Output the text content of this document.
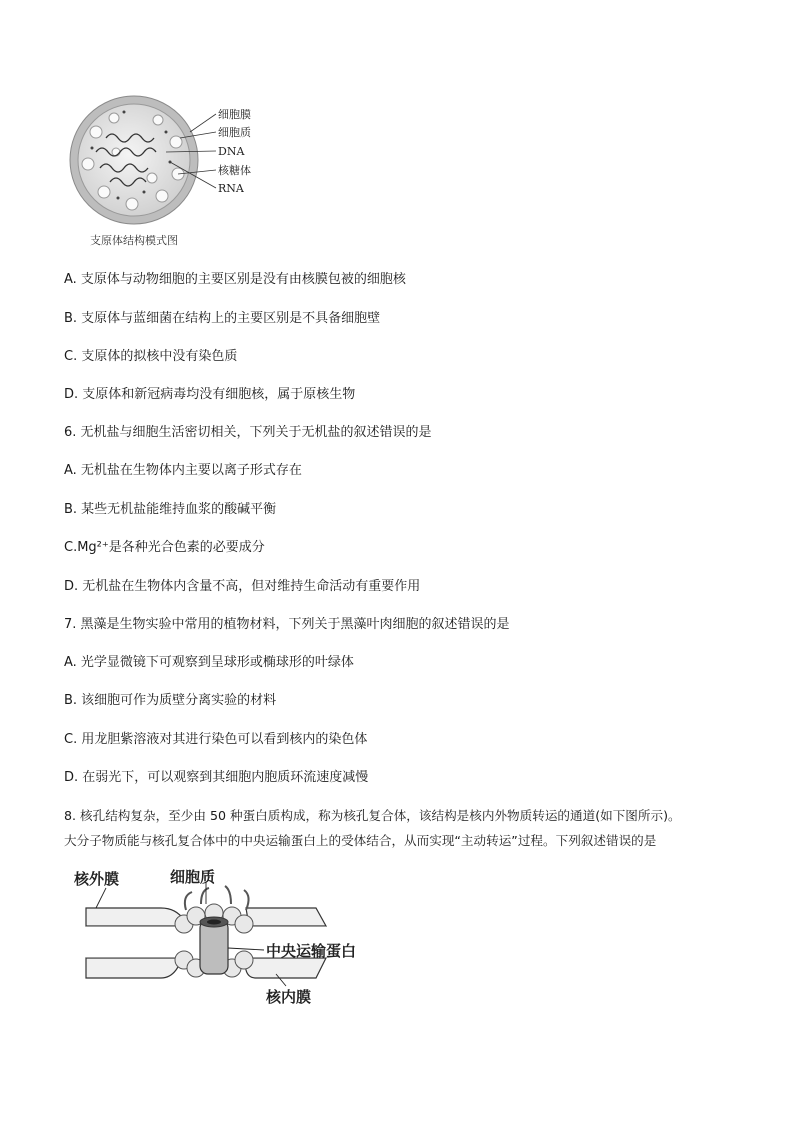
细胞膜
细胞质
DNA
核糖体
RNA
支原体结构模式图
A. 支原体与动物细胞的主要区别是没有由核膜包被的细胞核
B. 支原体与蓝细菌在结构上的主要区别是不具备细胞壁
C. 支原体的拟核中没有染色质
D. 支原体和新冠病毒均没有细胞核，属于原核生物
6. 无机盐与细胞生活密切相关，下列关于无机盐的叙述错误的是
A. 无机盐在生物体内主要以离子形式存在
B. 某些无机盐能维持血浆的酸碱平衡
C.Mg²⁺是各种光合色素的必要成分
D. 无机盐在生物体内含量不高，但对维持生命活动有重要作用
7. 黑藻是生物实验中常用的植物材料，下列关于黑藻叶肉细胞的叙述错误的是
A. 光学显微镜下可观察到呈球形或椭球形的叶绿体
B. 该细胞可作为质壁分离实验的材料
C. 用龙胆紫溶液对其进行染色可以看到核内的染色体
D. 在弱光下，可以观察到其细胞内胞质环流速度减慢
8. 核孔结构复杂，至少由 50 种蛋白质构成，称为核孔复合体，该结构是核内外物质转运的通道(如下图所示)。
大分子物质能与核孔复合体中的中央运输蛋白上的受体结合，从而实现“主动转运”过程。下列叙述错误的是
核外膜	细胞质
中央运输蛋白
核内膜
